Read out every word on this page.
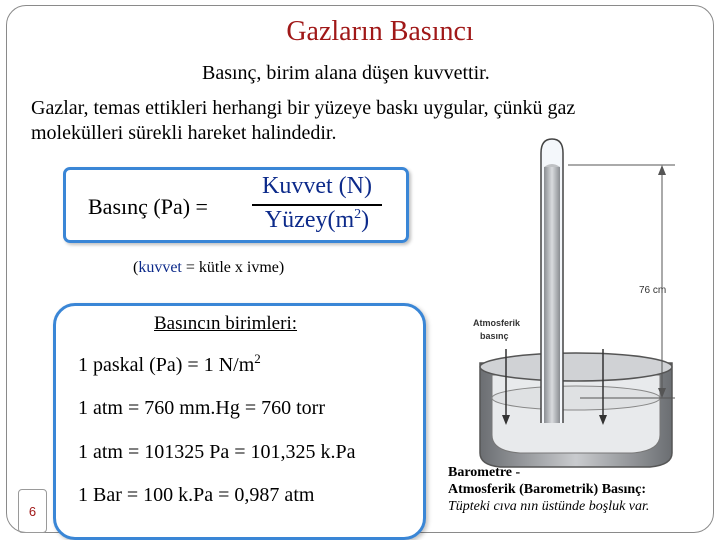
Gazların Basıncı
Basınç, birim alana düşen kuvvettir.
Gazlar, temas ettikleri herhangi bir yüzeye baskı uygular, çünkü gaz molekülleri sürekli hareket halindedir.
Basınç (Pa) =
Kuvvet (N)
$Yüzey(m^2)$
(kuvvet = kütle x ivme)
Basıncın birimleri:
1 paskal (Pa) = 1 $N/m^2$
1 atm = 760 mm.Hg = 760 torr
1 atm = 101325 Pa = 101,325 k.Pa
1 Bar = 100 k.Pa = 0,987 atm
6
76 cm
Atmosferik
basınç
Barometre -
Atmosferik (Barometrik) Basınç:
Tüpteki cıva nın üstünde boşluk var.
